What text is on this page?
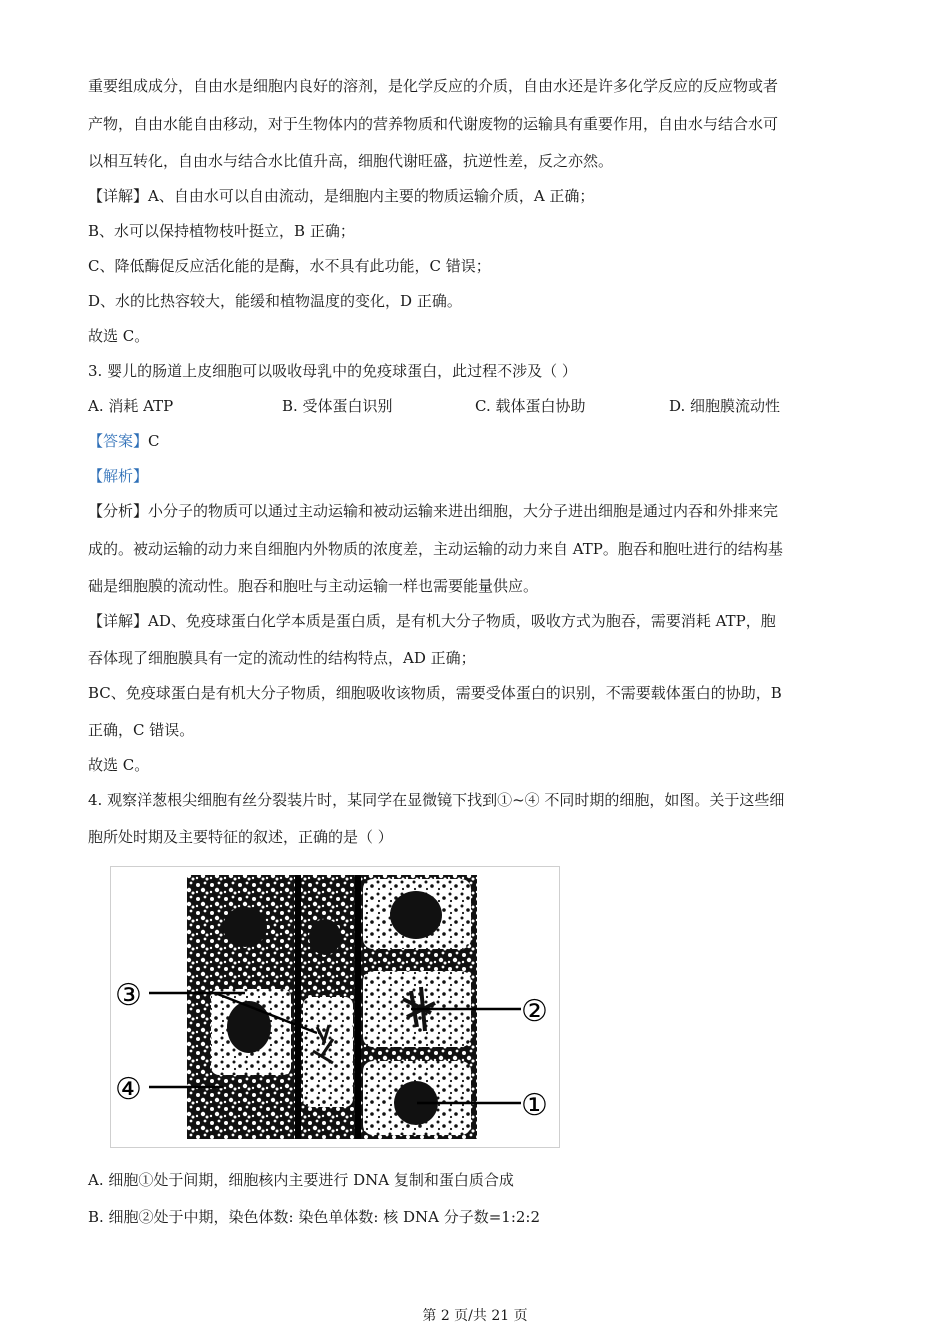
重要组成成分，自由水是细胞内良好的溶剂，是化学反应的介质，自由水还是许多化学反应的反应物或者
产物，自由水能自由移动，对于生物体内的营养物质和代谢废物的运输具有重要作用，自由水与结合水可
以相互转化，自由水与结合水比值升高，细胞代谢旺盛，抗逆性差，反之亦然。
【详解】A、自由水可以自由流动，是细胞内主要的物质运输介质，A 正确；
B、水可以保持植物枝叶挺立，B 正确；
C、降低酶促反应活化能的是酶，水不具有此功能，C 错误；
D、水的比热容较大，能缓和植物温度的变化，D 正确。
故选 C。
3. 婴儿的肠道上皮细胞可以吸收母乳中的免疫球蛋白，此过程不涉及（ ）
A. 消耗 ATP	B. 受体蛋白识别	C. 载体蛋白协助	D. 细胞膜流动性
【答案】C
【解析】
【分析】小分子的物质可以通过主动运输和被动运输来进出细胞，大分子进出细胞是通过内吞和外排来完
成的。被动运输的动力来自细胞内外物质的浓度差，主动运输的动力来自 ATP。胞吞和胞吐进行的结构基
础是细胞膜的流动性。胞吞和胞吐与主动运输一样也需要能量供应。
【详解】AD、免疫球蛋白化学本质是蛋白质，是有机大分子物质，吸收方式为胞吞，需要消耗 ATP，胞
吞体现了细胞膜具有一定的流动性的结构特点，AD 正确；
BC、免疫球蛋白是有机大分子物质，细胞吸收该物质，需要受体蛋白的识别，不需要载体蛋白的协助，B
正确，C 错误。
故选 C。
4. 观察洋葱根尖细胞有丝分裂装片时，某同学在显微镜下找到①~④ 不同时期的细胞，如图。关于这些细
胞所处时期及主要特征的叙述，正确的是（ ）
③	②
④	①
A. 细胞①处于间期，细胞核内主要进行 DNA 复制和蛋白质合成
B. 细胞②处于中期，染色体数: 染色单体数: 核 DNA 分子数=1:2:2
第 2 页/共 21 页
